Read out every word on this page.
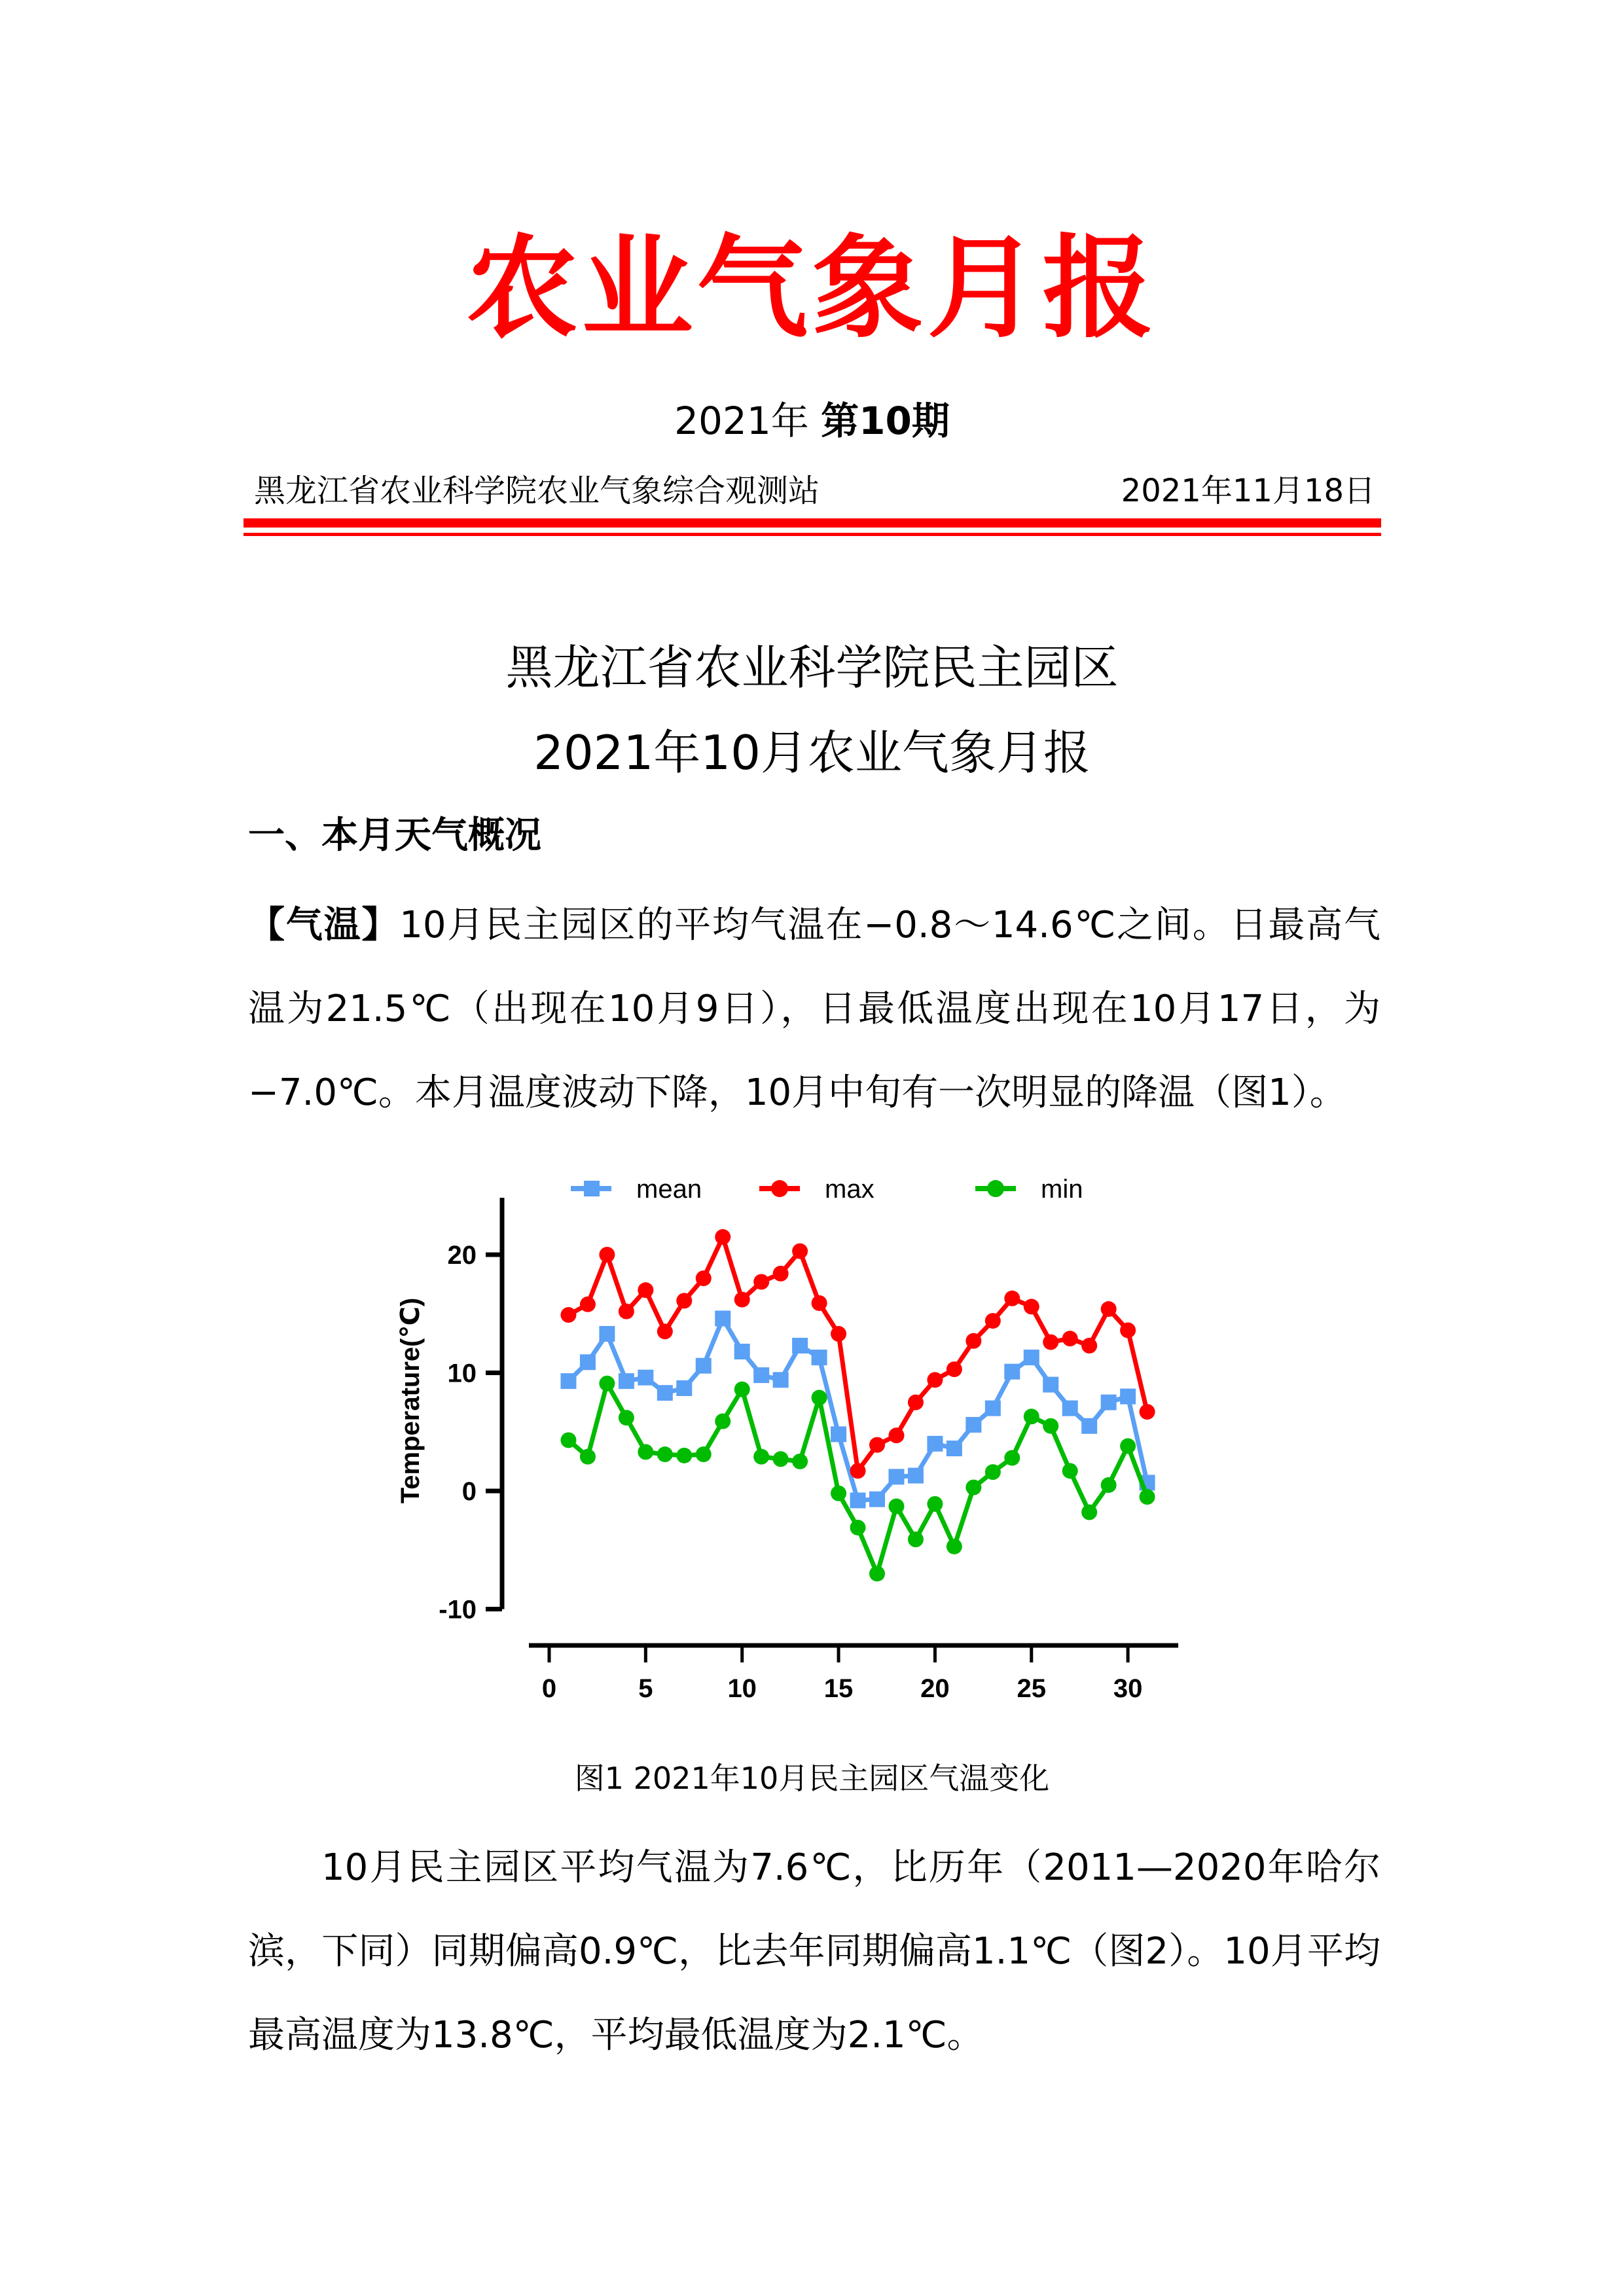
农业气象月报
2021年 第10期
黑龙江省农业科学院农业气象综合观测站	2021年11月18日
黑龙江省农业科学院民主园区
2021年10月农业气象月报
一、本月天气概况

【气温】10月民主园区的平均气温在−0.8～14.6℃之间。日最高气温为21.5℃（出现在10月9日），日最低温度出现在10月17日，为−7.0℃。本月温度波动下降，10月中旬有一次明显的降温（图1）。

mean	max	min
-10
0
10
20
0	5	10	15	20	25	30
Temperature(℃)
图1 2021年10月民主园区气温变化

10月民主园区平均气温为7.6℃，比历年（2011—2020年哈尔滨，下同）同期偏高0.9℃，比去年同期偏高1.1℃（图2）。10月平均最高温度为13.8℃，平均最低温度为2.1℃。
